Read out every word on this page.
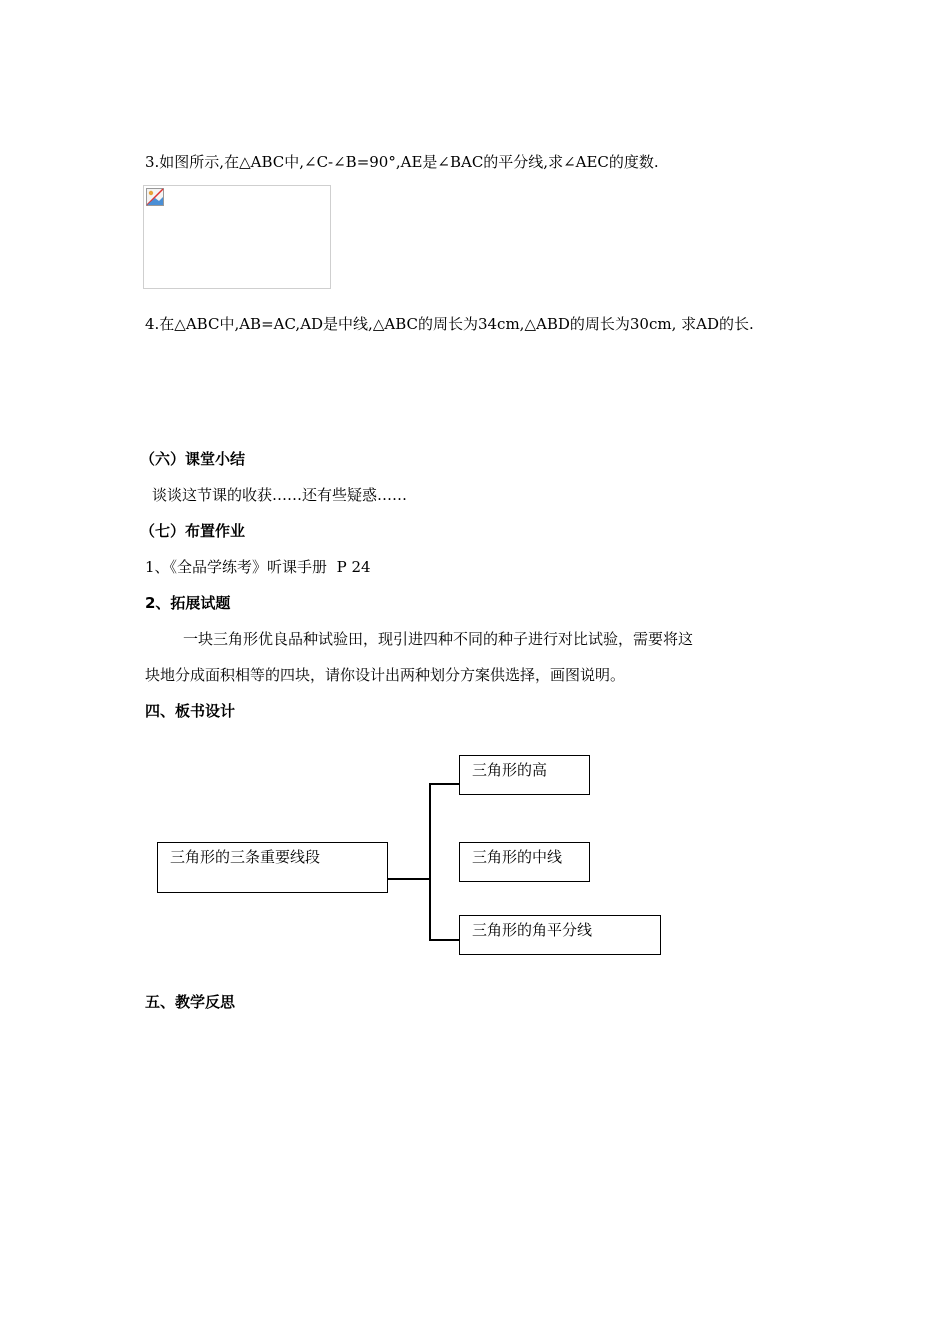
3.如图所示,在△ABC中,∠C-∠B=90°,AE是∠BAC的平分线,求∠AEC的度数.
4.在△ABC中,AB=AC,AD是中线,△ABC的周长为34cm,△ABD的周长为30cm, 求AD的长.
（六）课堂小结
谈谈这节课的收获……还有些疑惑……
（七）布置作业
1、《全品学练考》听课手册  P 24
2、拓展试题
一块三角形优良品种试验田，现引进四种不同的种子进行对比试验，需要将这
块地分成面积相等的四块，请你设计出两种划分方案供选择，画图说明。
四、板书设计
三角形的三条重要线段
三角形的高
三角形的中线
三角形的角平分线
五、教学反思
